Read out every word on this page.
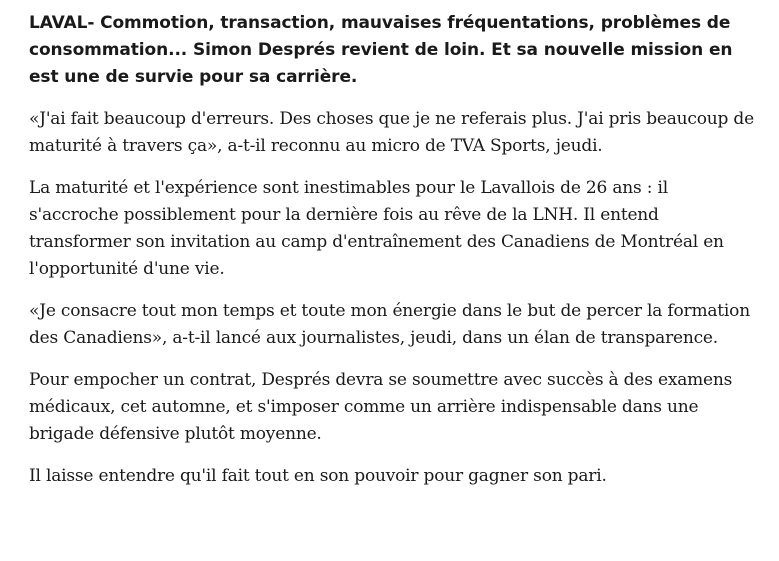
LAVAL- Commotion, transaction, mauvaises fréquentations, problèmes de consommation... Simon Després revient de loin. Et sa nouvelle mission en est une de survie pour sa carrière.

«J'ai fait beaucoup d'erreurs. Des choses que je ne referais plus. J'ai pris beaucoup de maturité à travers ça», a-t-il reconnu au micro de TVA Sports, jeudi.

La maturité et l'expérience sont inestimables pour le Lavallois de 26 ans : il s'accroche possiblement pour la dernière fois au rêve de la LNH. Il entend transformer son invitation au camp d'entraînement des Canadiens de Montréal en l'opportunité d'une vie.

«Je consacre tout mon temps et toute mon énergie dans le but de percer la formation des Canadiens», a-t-il lancé aux journalistes, jeudi, dans un élan de transparence.

Pour empocher un contrat, Després devra se soumettre avec succès à des examens médicaux, cet automne, et s'imposer comme un arrière indispensable dans une brigade défensive plutôt moyenne.

Il laisse entendre qu'il fait tout en son pouvoir pour gagner son pari.
